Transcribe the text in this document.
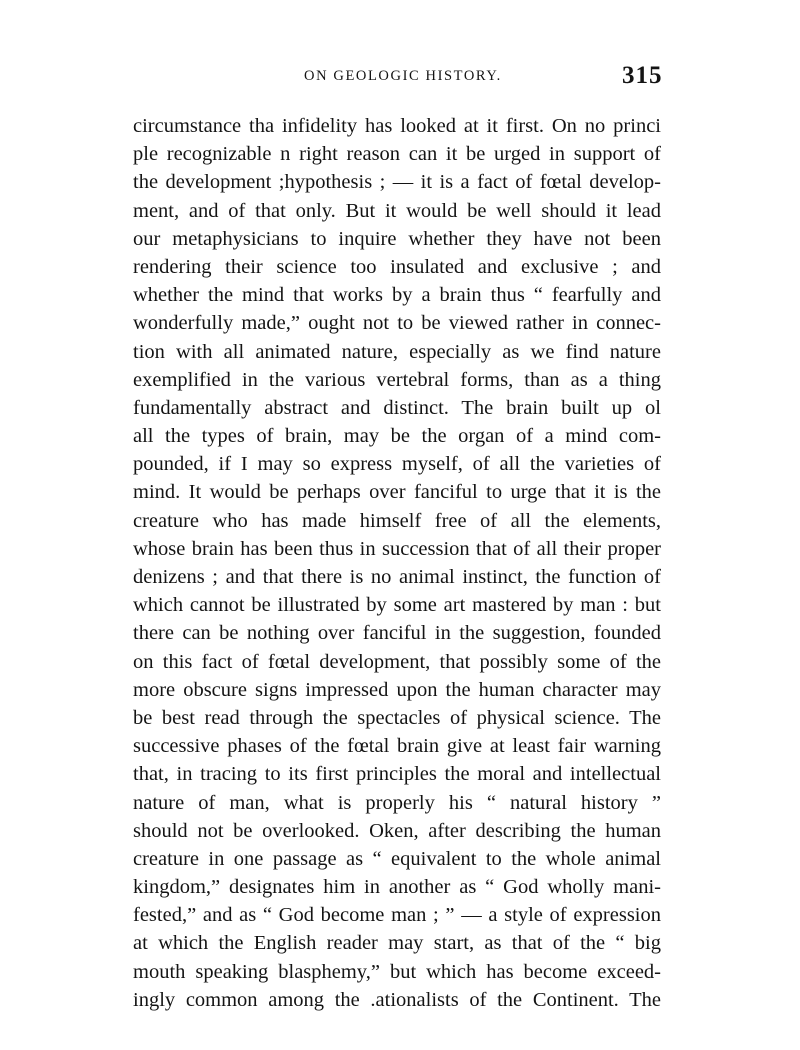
ON GEOLOGIC HISTORY.	315
circumstance tha infidelity has looked at it first. On no princi
ple recognizable n right reason can it be urged in support of
the development ;hypothesis ; — it is a fact of fœtal develop-
ment, and of that only. But it would be well should it lead
our metaphysicians to inquire whether they have not been
rendering their science too insulated and exclusive ; and
whether the mind that works by a brain thus “ fearfully and
wonderfully made,” ought not to be viewed rather in connec-
tion with all animated nature, especially as we find nature
exemplified in the various vertebral forms, than as a thing
fundamentally abstract and distinct. The brain built up ol
all the types of brain, may be the organ of a mind com-
pounded, if I may so express myself, of all the varieties of
mind. It would be perhaps over fanciful to urge that it is the
creature who has made himself free of all the elements,
whose brain has been thus in succession that of all their proper
denizens ; and that there is no animal instinct, the function of
which cannot be illustrated by some art mastered by man : but
there can be nothing over fanciful in the suggestion, founded
on this fact of fœtal development, that possibly some of the
more obscure signs impressed upon the human character may
be best read through the spectacles of physical science. The
successive phases of the fœtal brain give at least fair warning
that, in tracing to its first principles the moral and intellectual
nature of man, what is properly his “ natural history ”
should not be overlooked. Oken, after describing the human
creature in one passage as “ equivalent to the whole animal
kingdom,” designates him in another as “ God wholly mani-
fested,” and as “ God become man ; ” — a style of expression
at which the English reader may start, as that of the “ big
mouth speaking blasphemy,” but which has become exceed-
ingly common among the .ationalists of the Continent. The
